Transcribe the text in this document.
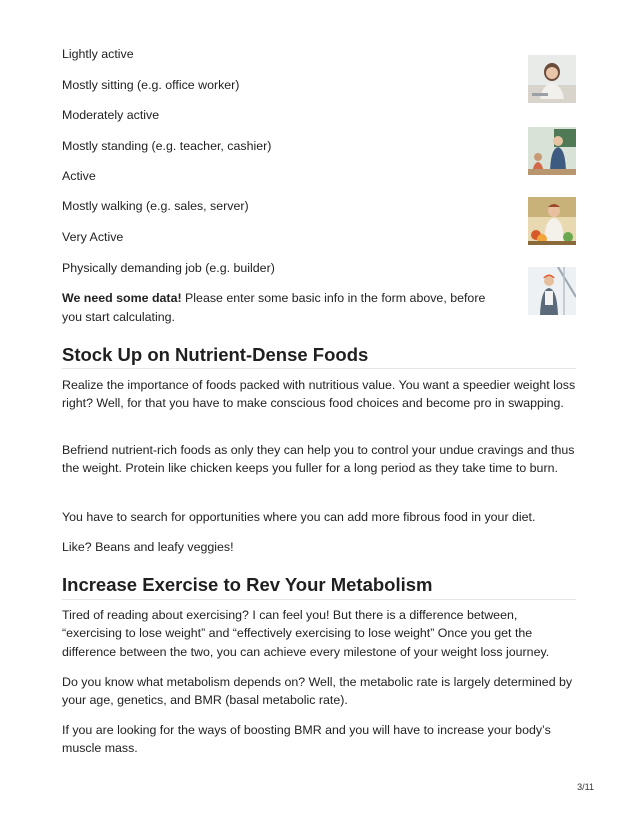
Lightly active
Mostly sitting (e.g. office worker)
Moderately active
Mostly standing (e.g. teacher, cashier)
Active
Mostly walking (e.g. sales, server)
Very Active
Physically demanding job (e.g. builder)
We need some data! Please enter some basic info in the form above, before you start calculating.
Stock Up on Nutrient-Dense Foods
Realize the importance of foods packed with nutritious value. You want a speedier weight loss right? Well, for that you have to make conscious food choices and become pro in swapping.
Befriend nutrient-rich foods as only they can help you to control your undue cravings and thus the weight. Protein like chicken keeps you fuller for a long period as they take time to burn.
You have to search for opportunities where you can add more fibrous food in your diet.
Like? Beans and leafy veggies!
Increase Exercise to Rev Your Metabolism
Tired of reading about exercising? I can feel you! But there is a difference between, “exercising to lose weight” and “effectively exercising to lose weight” Once you get the difference between the two, you can achieve every milestone of your weight loss journey.
Do you know what metabolism depends on? Well, the metabolic rate is largely determined by your age, genetics, and BMR (basal metabolic rate).
If you are looking for the ways of boosting BMR and you will have to increase your body’s muscle mass.
3/11
